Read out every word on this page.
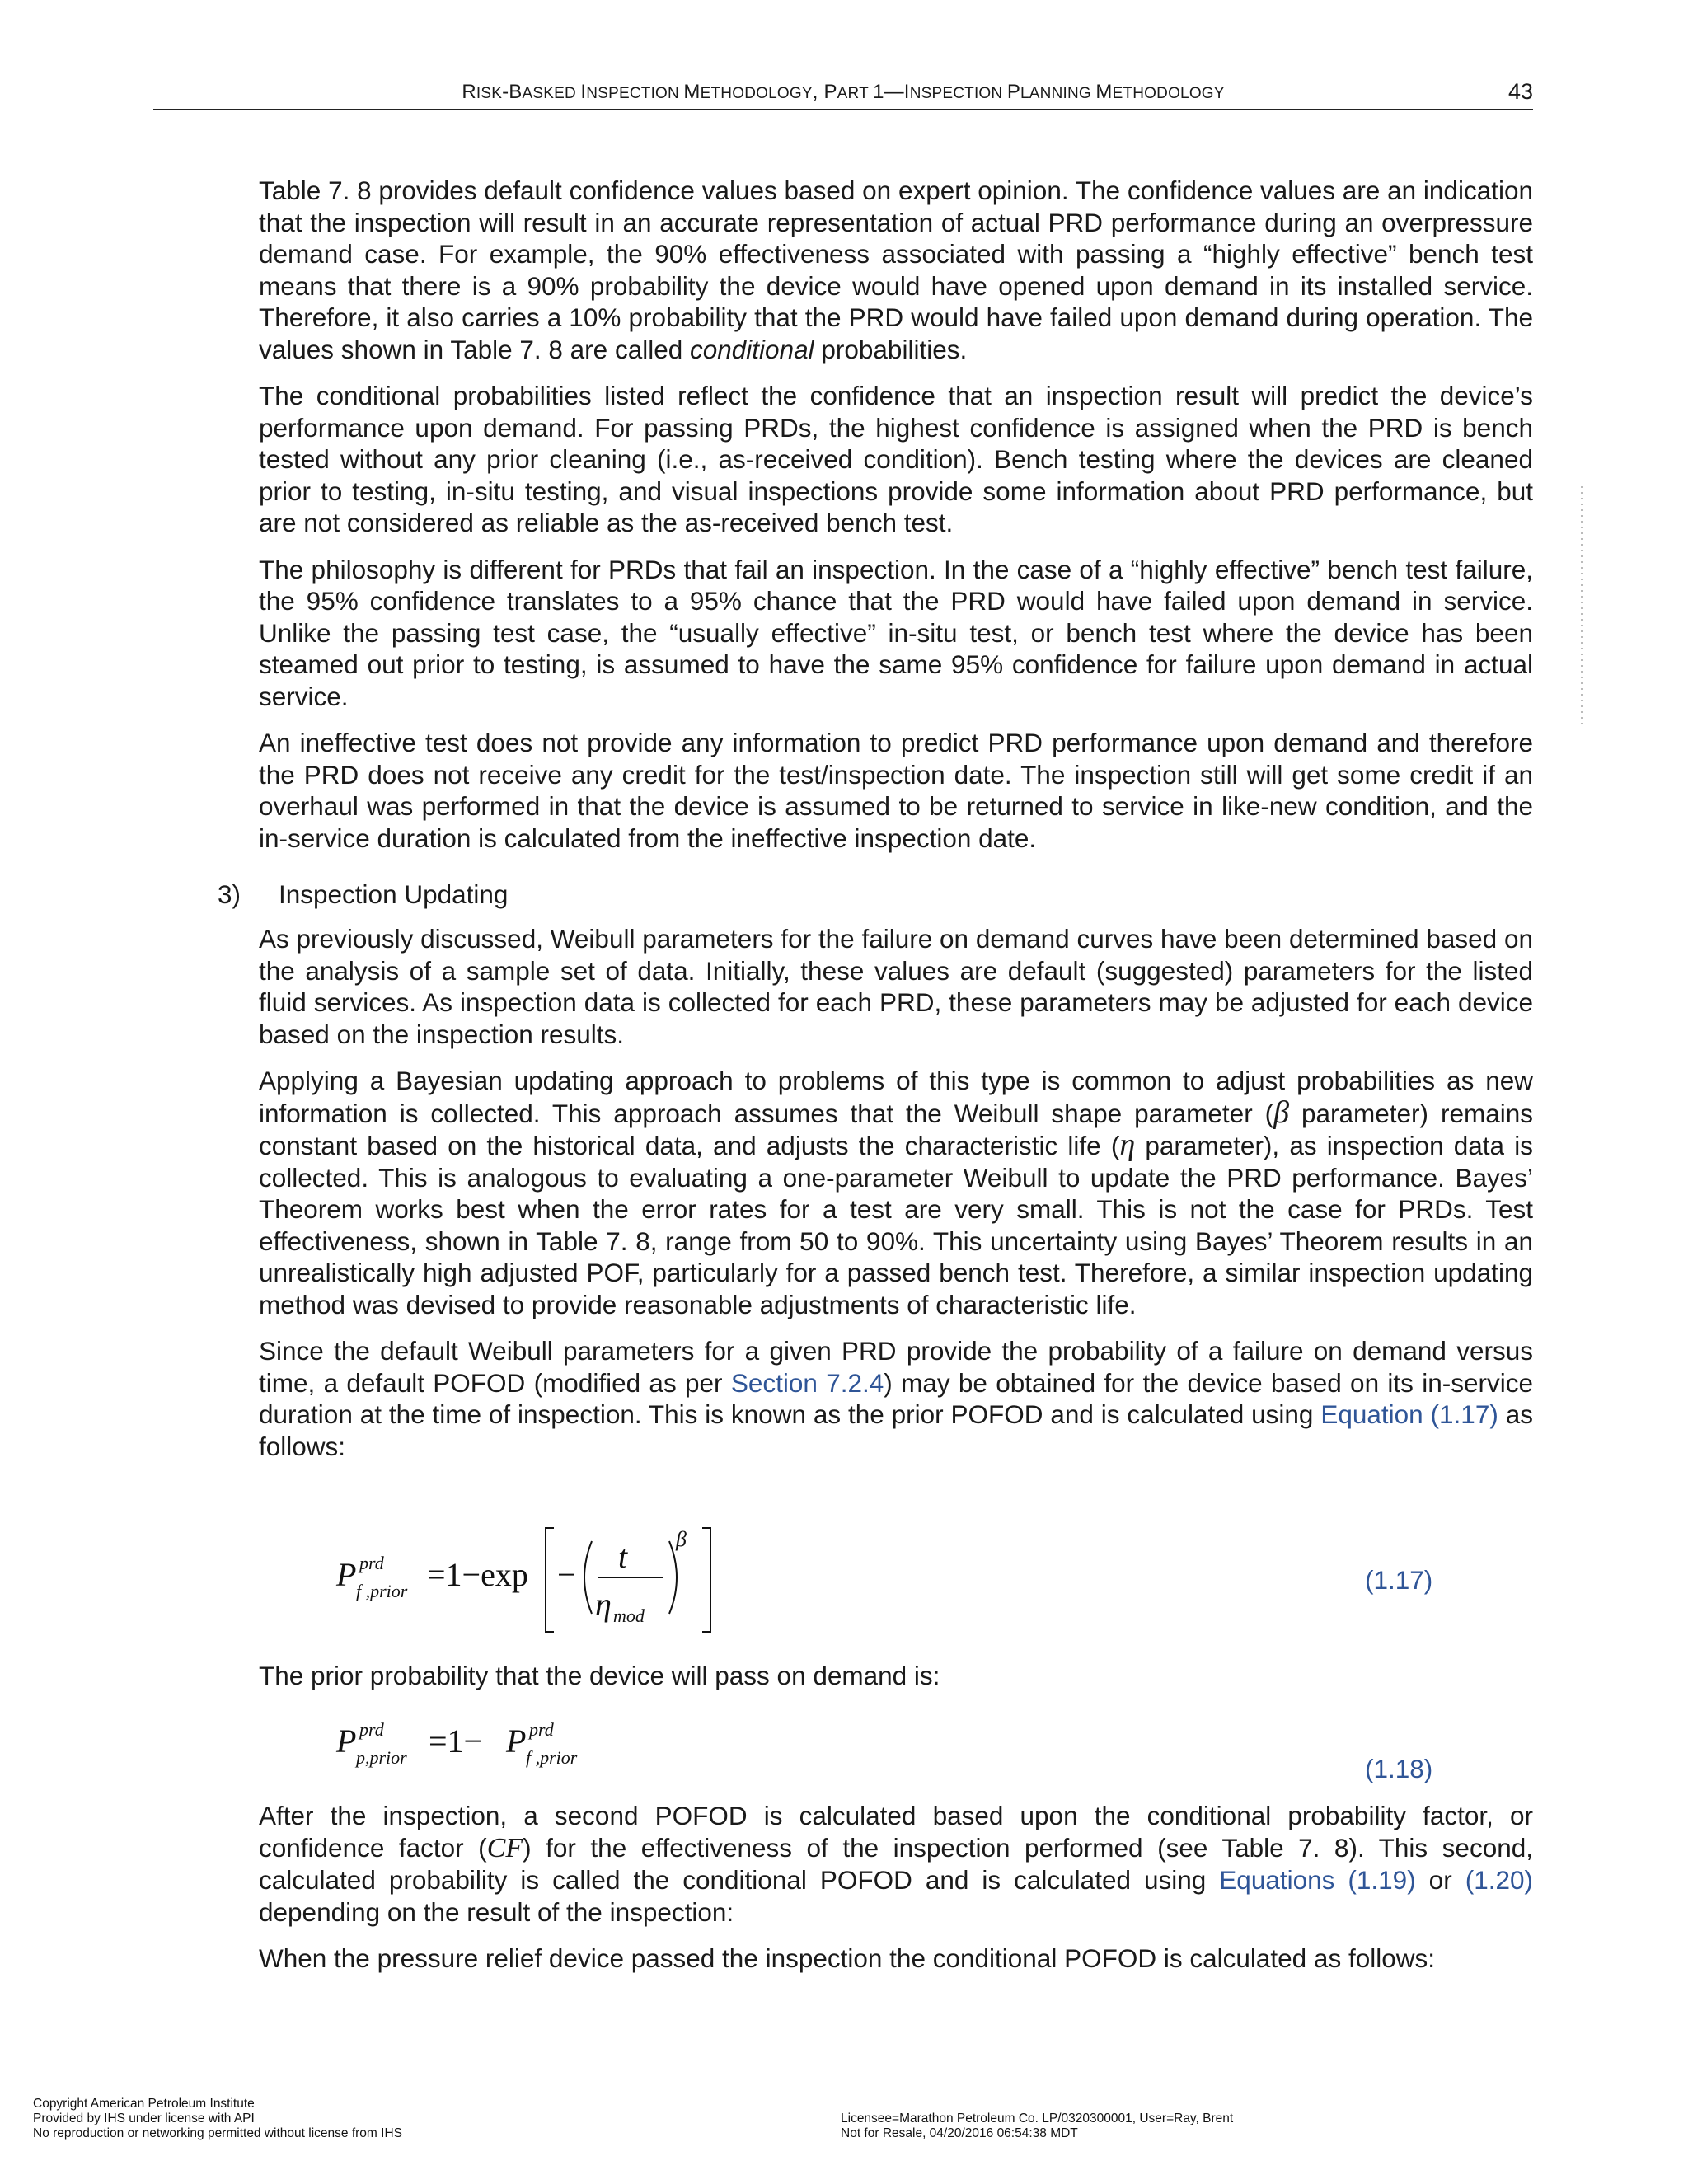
RISK-BASKED INSPECTION METHODOLOGY, PART 1—INSPECTION PLANNING METHODOLOGY	43

Table 7. 8 provides default confidence values based on expert opinion. The confidence values are an indication that the inspection will result in an accurate representation of actual PRD performance during an overpressure demand case. For example, the 90% effectiveness associated with passing a “highly effective” bench test means that there is a 90% probability the device would have opened upon demand in its installed service. Therefore, it also carries a 10% probability that the PRD would have failed upon demand during operation. The values shown in Table 7. 8 are called conditional probabilities.

The conditional probabilities listed reflect the confidence that an inspection result will predict the device’s performance upon demand. For passing PRDs, the highest confidence is assigned when the PRD is bench tested without any prior cleaning (i.e., as-received condition). Bench testing where the devices are cleaned prior to testing, in-situ testing, and visual inspections provide some information about PRD performance, but are not considered as reliable as the as-received bench test.

The philosophy is different for PRDs that fail an inspection. In the case of a “highly effective” bench test failure, the 95% confidence translates to a 95% chance that the PRD would have failed upon demand in service. Unlike the passing test case, the “usually effective” in-situ test, or bench test where the device has been steamed out prior to testing, is assumed to have the same 95% confidence for failure upon demand in actual service.

An ineffective test does not provide any information to predict PRD performance upon demand and therefore the PRD does not receive any credit for the test/inspection date. The inspection still will get some credit if an overhaul was performed in that the device is assumed to be returned to service in like-new condition, and the in-service duration is calculated from the ineffective inspection date.

3) Inspection Updating

As previously discussed, Weibull parameters for the failure on demand curves have been determined based on the analysis of a sample set of data. Initially, these values are default (suggested) parameters for the listed fluid services. As inspection data is collected for each PRD, these parameters may be adjusted for each device based on the inspection results.

Applying a Bayesian updating approach to problems of this type is common to adjust probabilities as new information is collected. This approach assumes that the Weibull shape parameter (β parameter) remains constant based on the historical data, and adjusts the characteristic life (η parameter), as inspection data is collected. This is analogous to evaluating a one-parameter Weibull to update the PRD performance. Bayes’ Theorem works best when the error rates for a test are very small. This is not the case for PRDs. Test effectiveness, shown in Table 7. 8, range from 50 to 90%. This uncertainty using Bayes’ Theorem results in an unrealistically high adjusted POF, particularly for a passed bench test. Therefore, a similar inspection updating method was devised to provide reasonable adjustments of characteristic life.

Since the default Weibull parameters for a given PRD provide the probability of a failure on demand versus time, a default POFOD (modified as per Section 7.2.4) may be obtained for the device based on its in-service duration at the time of inspection. This is known as the prior POFOD and is calculated using Equation (1.17) as follows:

P prd
f ,prior =1−exp − t
η mod
β
(1.17)

The prior probability that the device will pass on demand is:

P prd
p,prior =1− P prd
f ,prior	(1.18)

After the inspection, a second POFOD is calculated based upon the conditional probability factor, or confidence factor (CF) for the effectiveness of the inspection performed (see Table 7. 8). This second, calculated probability is called the conditional POFOD and is calculated using Equations (1.19) or (1.20) depending on the result of the inspection:

When the pressure relief device passed the inspection the conditional POFOD is calculated as follows:

Copyright American Petroleum Institute
Provided by IHS under license with API
No reproduction or networking permitted without license from IHS
Licensee=Marathon Petroleum Co. LP/0320300001, User=Ray, Brent
Not for Resale, 04/20/2016 06:54:38 MDT
